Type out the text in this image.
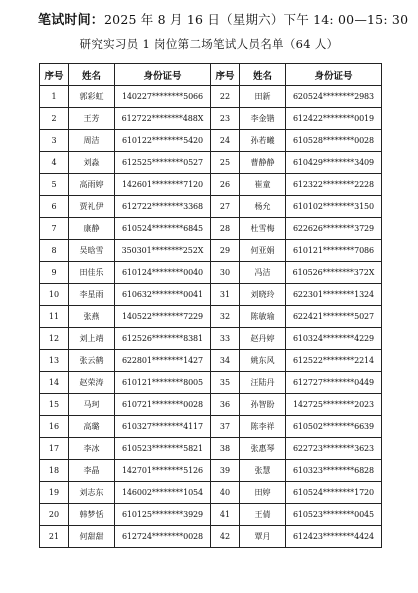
笔试时间：2025 年 8 月 16 日（星期六）下午 14: 00—15: 30
研究实习员 1 岗位第二场笔试人员名单（64 人）
序号	姓名	身份证号	序号	姓名	身份证号
1	郭彩虹	140227********5066	22	田新	620524********2983
2	王芳	612722********488X	23	李金锴	612422********0019
3	周洁	610122********5420	24	孙若曦	610528********0028
4	刘淼	612525********0527	25	曹静静	610429********3409
5	高雨婷	142601********7120	26	崔童	612322********2228
6	贾礼伊	612722********3368	27	杨允	610102********3150
7	康静	610524********6845	28	杜雪梅	622626********3729
8	吴晗雪	350301********252X	29	何亚娟	610121********7086
9	田佳乐	610124********0040	30	冯洁	610526********372X
10	李星雨	610632********0041	31	刘晓玲	622301********1324
11	张燕	140522********7229	32	陈敏瑜	622421********5027
12	刘上靖	612526********8381	33	赵丹婷	610324********4229
13	张云鹤	622801********1427	34	姚东风	612522********2214
14	赵荣涛	610121********8005	35	汪陆丹	612727********0449
15	马珂	610721********0028	36	孙智盼	142725********2023
16	高璐	610327********4117	37	陈李祥	610502********6639
17	李冰	610523********5821	38	张惠琴	622723********3623
18	李晶	142701********5126	39	张慧	610323********6828
19	刘志东	146002********1054	40	田婷	610524********1720
20	韩梦恬	610125********3929	41	王倩	610523********0045
21	何甜甜	612724********0028	42	覃月	612423********4424
